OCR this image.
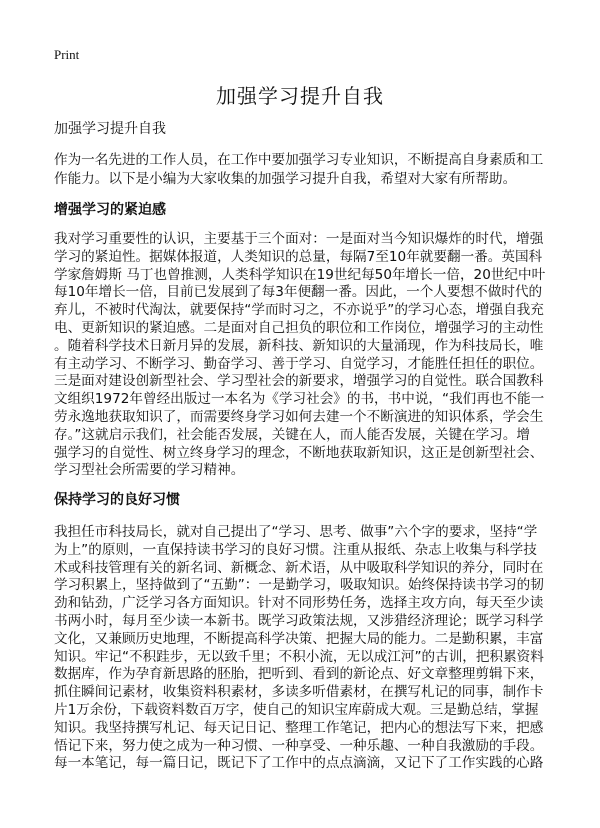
Print
加强学习提升自我
加强学习提升自我
作为一名先进的工作人员，在工作中要加强学习专业知识，不断提高自身素质和工
作能力。以下是小编为大家收集的加强学习提升自我，希望对大家有所帮助。
增强学习的紧迫感
我对学习重要性的认识，主要基于三个面对：一是面对当今知识爆炸的时代，增强
学习的紧迫性。据媒体报道，人类知识的总量，每隔7至10年就要翻一番。英国科
学家詹姆斯 马丁也曾推测，人类科学知识在19世纪每50年增长一倍，20世纪中叶
每10年增长一倍，目前已发展到了每3年便翻一番。因此，一个人要想不做时代的
弃儿，不被时代淘汰，就要保持“学而时习之，不亦说乎”的学习心态，增强自我充
电、更新知识的紧迫感。二是面对自己担负的职位和工作岗位，增强学习的主动性
。随着科学技术日新月异的发展，新科技、新知识的大量涌现，作为科技局长，唯
有主动学习、不断学习、勤奋学习、善于学习、自觉学习，才能胜任担任的职位。
三是面对建设创新型社会、学习型社会的新要求，增强学习的自觉性。联合国教科
文组织1972年曾经出版过一本名为《学习社会》的书，书中说，“我们再也不能一
劳永逸地获取知识了，而需要终身学习如何去建一个不断演进的知识体系，学会生
存。”这就启示我们，社会能否发展，关键在人，而人能否发展，关键在学习。增
强学习的自觉性、树立终身学习的理念，不断地获取新知识，这正是创新型社会、
学习型社会所需要的学习精神。
保持学习的良好习惯
我担任市科技局长，就对自己提出了“学习、思考、做事”六个字的要求，坚持“学
为上”的原则，一直保持读书学习的良好习惯。注重从报纸、杂志上收集与科学技
术或科技管理有关的新名词、新概念、新术语，从中吸取科学知识的养分，同时在
学习积累上，坚持做到了“五勤”：一是勤学习，吸取知识。始终保持读书学习的韧
劲和钻劲，广泛学习各方面知识。针对不同形势任务，选择主攻方向，每天至少读
书两小时，每月至少读一本新书。既学习政策法规，又涉猎经济理论；既学习科学
文化，又兼顾历史地理，不断提高科学决策、把握大局的能力。二是勤积累，丰富
知识。牢记“不积跬步，无以致千里；不积小流，无以成江河”的古训，把积累资料
数据库，作为孕育新思路的胚胎，把听到、看到的新论点、好文章整理剪辑下来，
抓住瞬间记素材，收集资料积素材，多读多听借素材，在撰写札记的同事，制作卡
片1万余份，下载资料数百万字，使自己的知识宝库蔚成大观。三是勤总结，掌握
知识。我坚持撰写札记、每天记日记、整理工作笔记，把内心的想法写下来，把感
悟记下来，努力使之成为一种习惯、一种享受、一种乐趣、一种自我激励的手段。
每一本笔记，每一篇日记，既记下了工作中的点点滴滴，又记下了工作实践的心路
